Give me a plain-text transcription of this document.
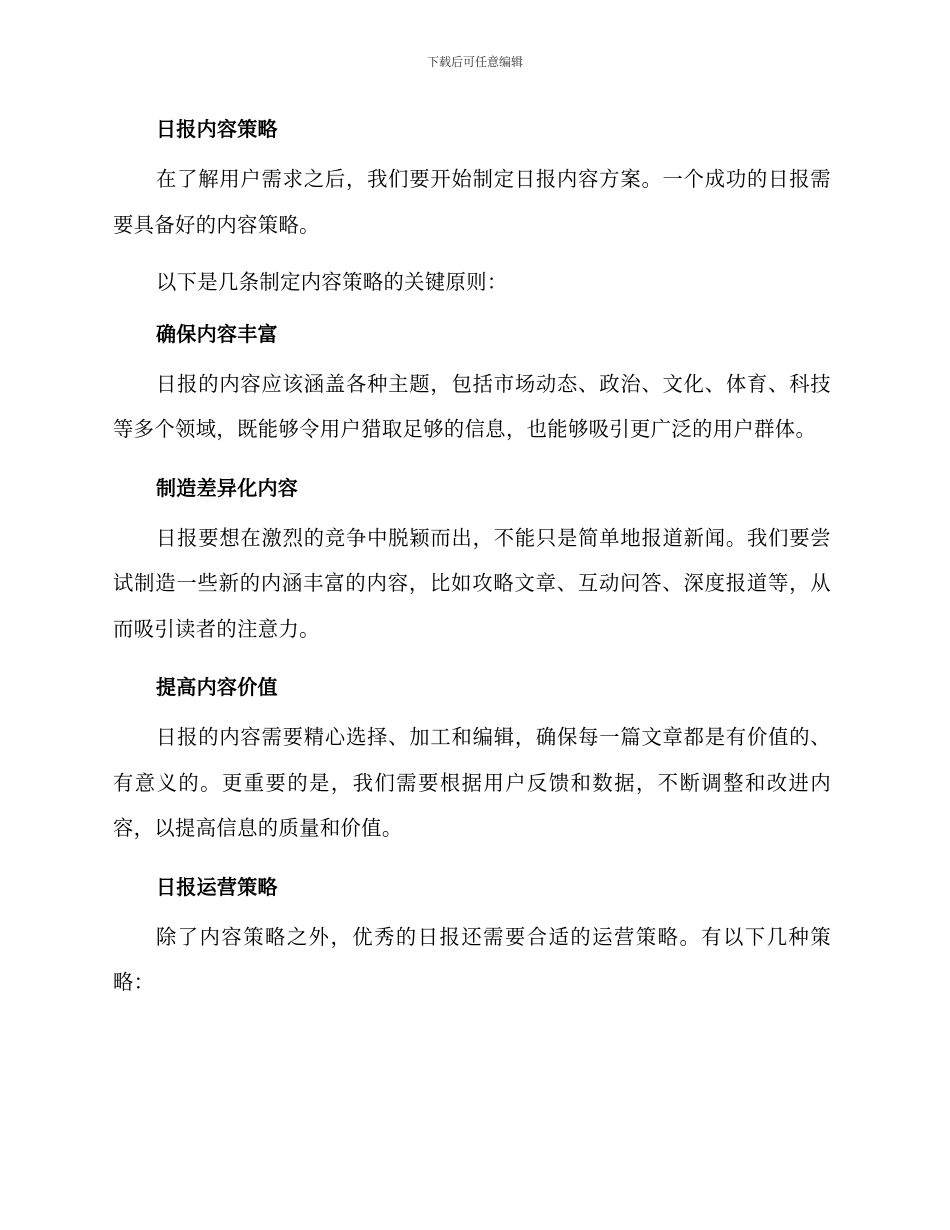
下载后可任意编辑
日报内容策略

在了解用户需求之后，我们要开始制定日报内容方案。一个成功的日报需要具备好的内容策略。

以下是几条制定内容策略的关键原则：

确保内容丰富

日报的内容应该涵盖各种主题，包括市场动态、政治、文化、体育、科技等多个领域，既能够令用户猎取足够的信息，也能够吸引更广泛的用户群体。

制造差异化内容

日报要想在激烈的竞争中脱颖而出，不能只是简单地报道新闻。我们要尝试制造一些新的内涵丰富的内容，比如攻略文章、互动问答、深度报道等，从而吸引读者的注意力。

提高内容价值

日报的内容需要精心选择、加工和编辑，确保每一篇文章都是有价值的、有意义的。更重要的是，我们需要根据用户反馈和数据，不断调整和改进内容，以提高信息的质量和价值。

日报运营策略

除了内容策略之外，优秀的日报还需要合适的运营策略。有以下几种策略：
